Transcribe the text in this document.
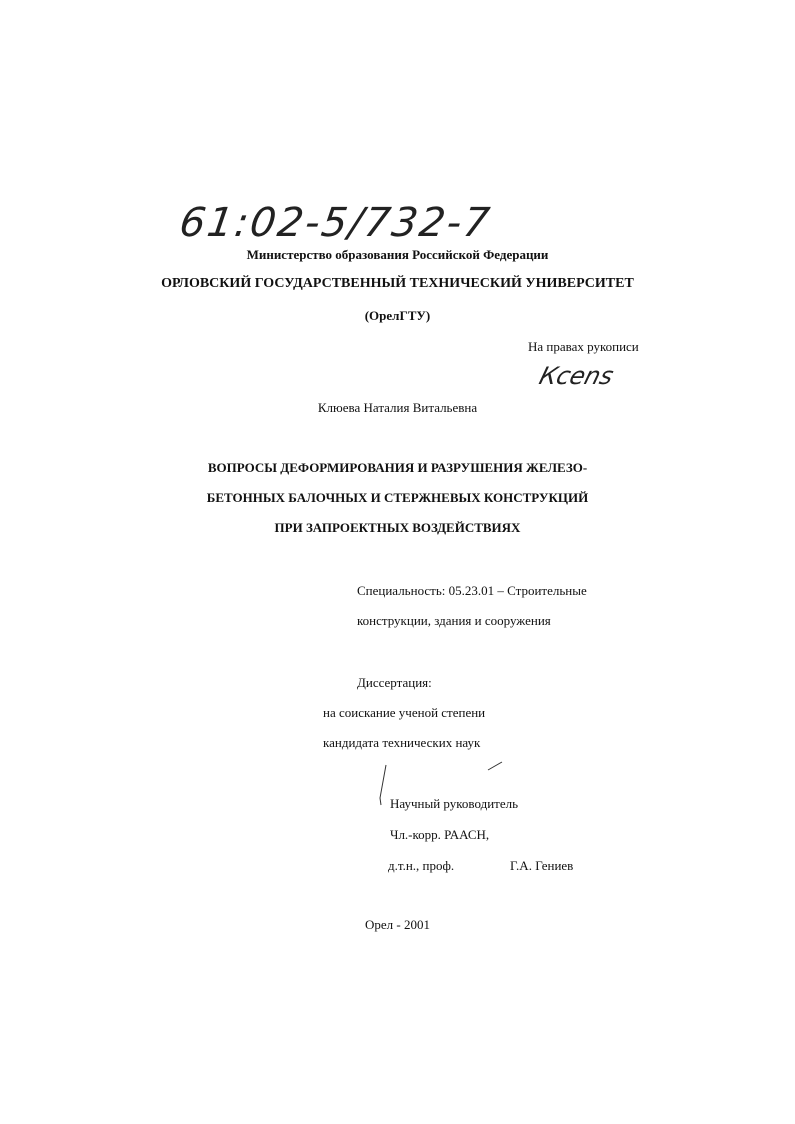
61:02-5/732-7
Министерство образования Российской Федерации
ОРЛОВСКИЙ ГОСУДАРСТВЕННЫЙ ТЕХНИЧЕСКИЙ УНИВЕРСИТЕТ
(ОрелГТУ)
На правах рукописи
Ксеns
Клюева Наталия Витальевна
ВОПРОСЫ ДЕФОРМИРОВАНИЯ И РАЗРУШЕНИЯ ЖЕЛЕЗО-
БЕТОННЫХ БАЛОЧНЫХ И СТЕРЖНЕВЫХ КОНСТРУКЦИЙ
ПРИ ЗАПРОЕКТНЫХ ВОЗДЕЙСТВИЯХ
Специальность: 05.23.01 – Строительные
конструкции, здания и сооружения
Диссертация:
на соискание ученой степени
кандидата технических наук
Научный руководитель
Чл.-корр. РААСН,
д.т.н., проф.	Г.А. Гениев
Орел - 2001
